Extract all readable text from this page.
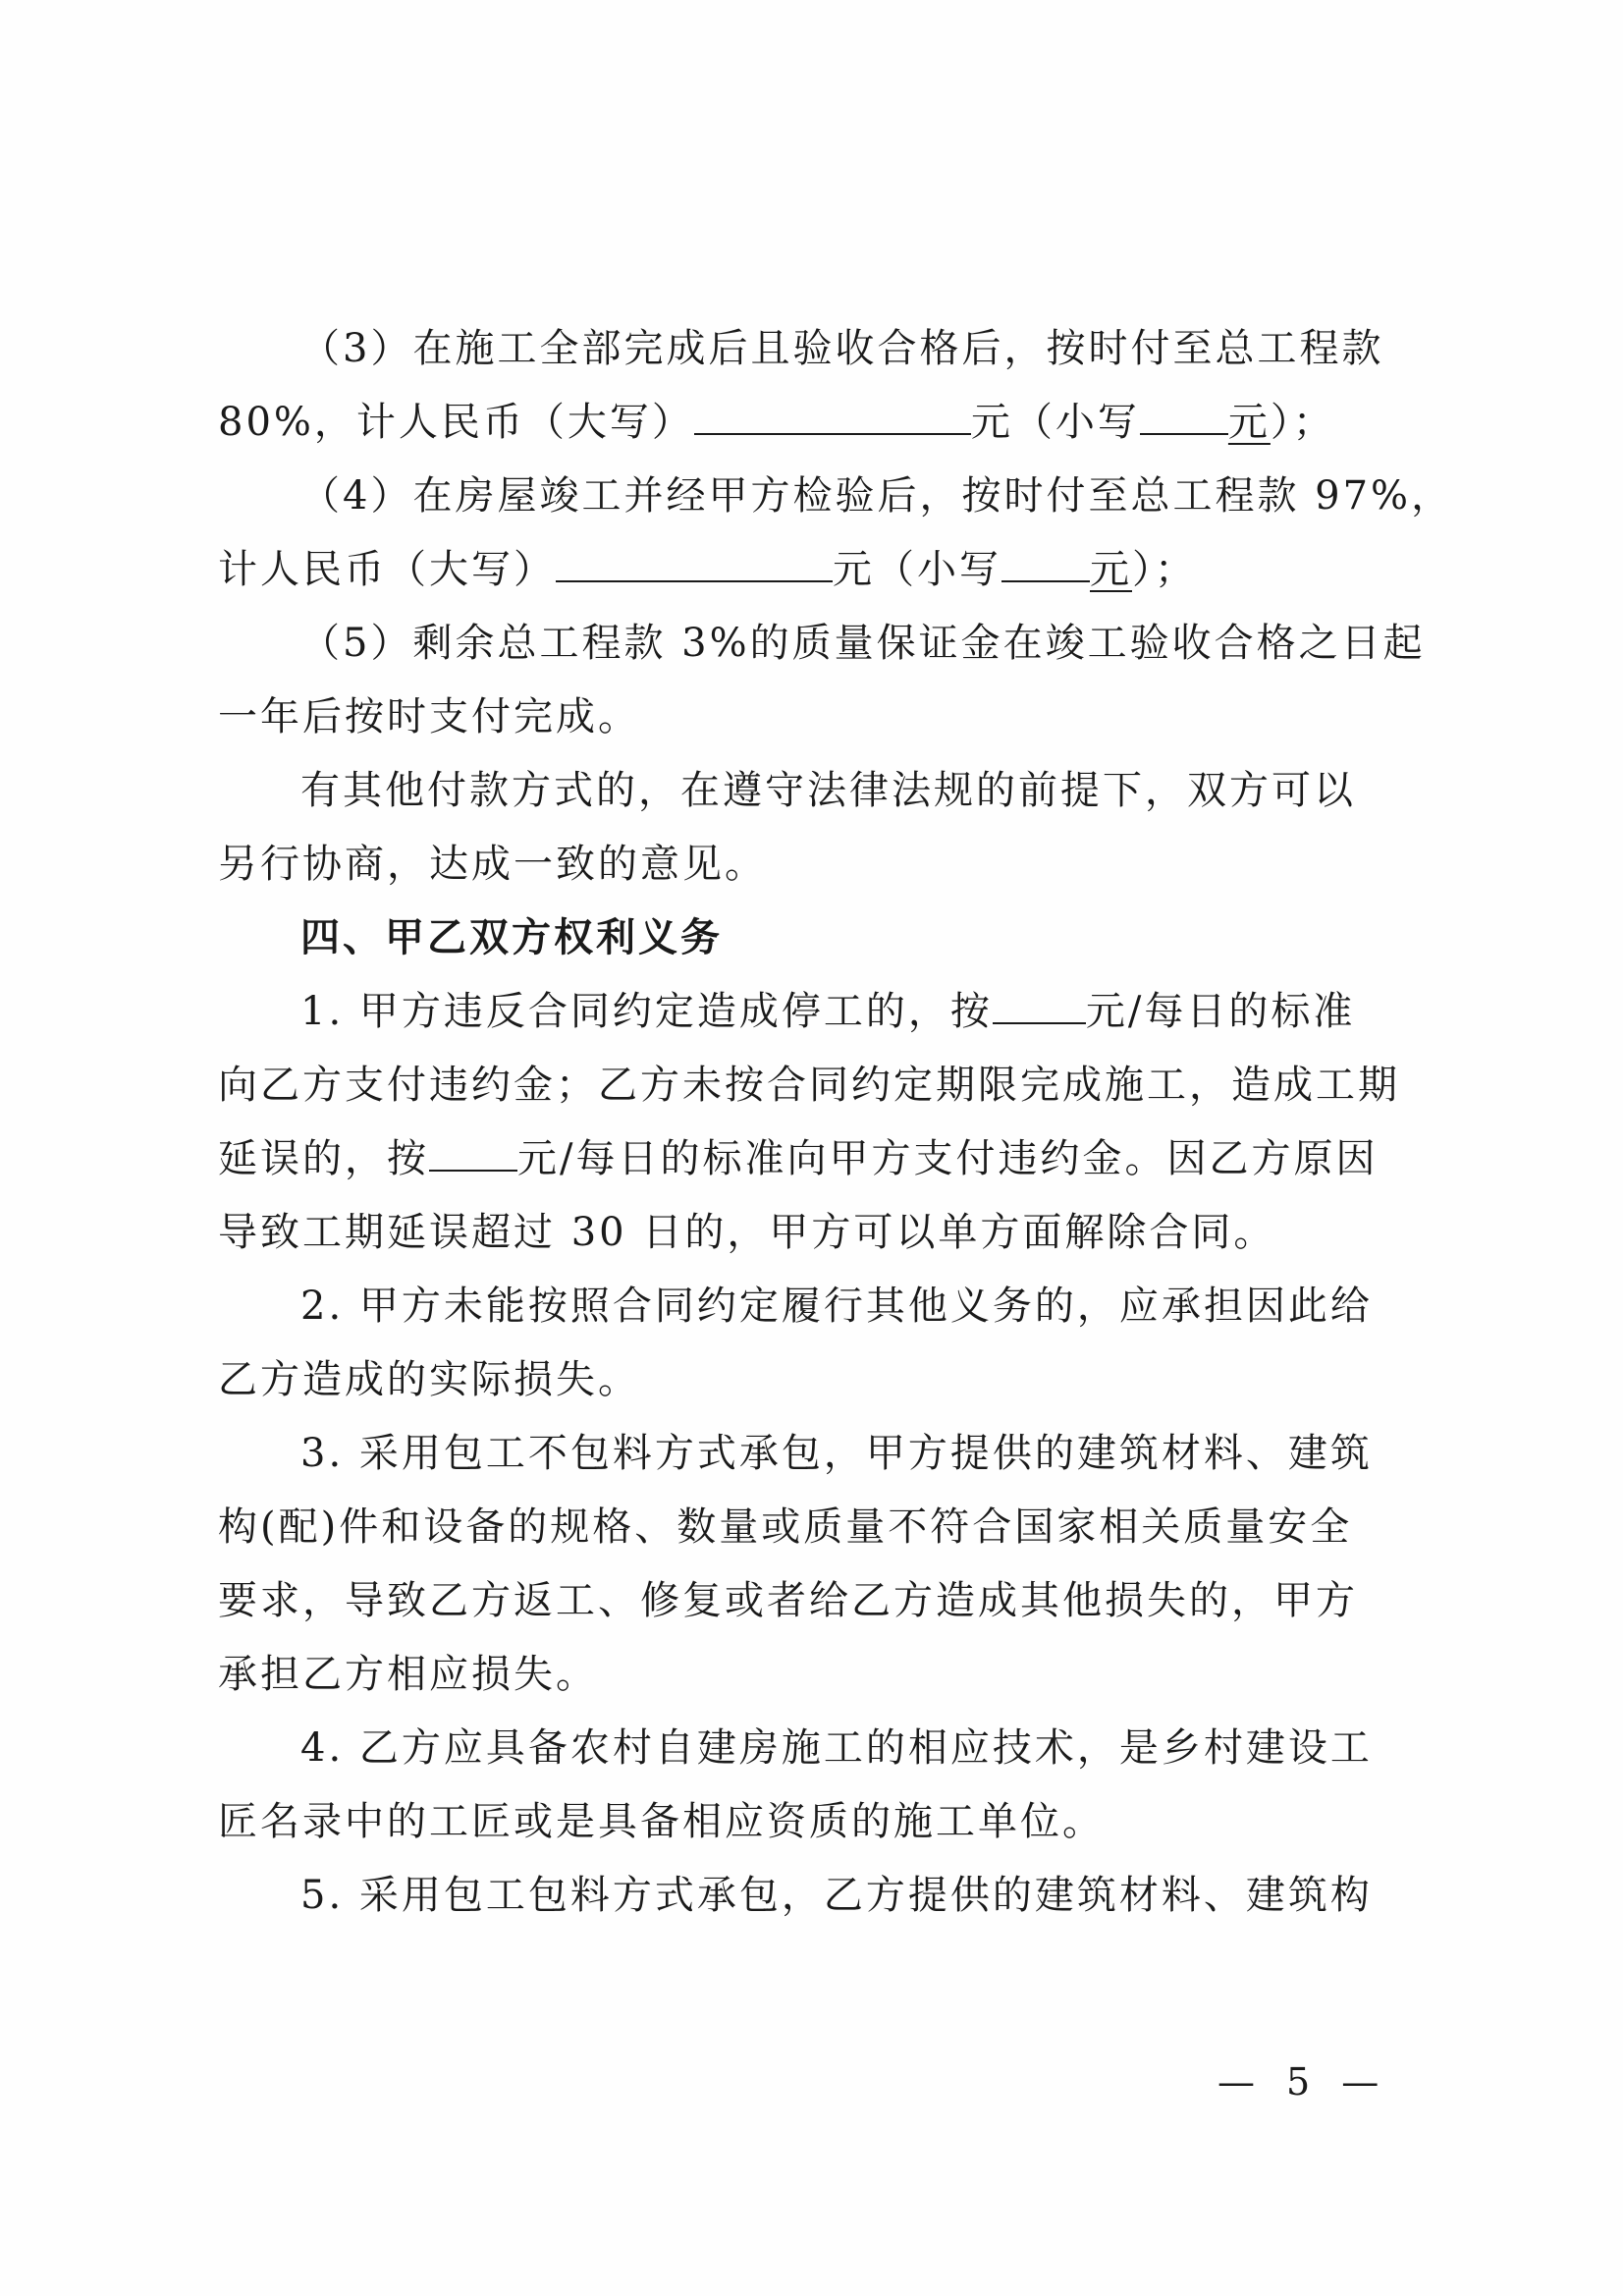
（3）在施工全部完成后且验收合格后，按时付至总工程款

80%，计人民币（大写）	元（小写 元）；

（4）在房屋竣工并经甲方检验后，按时付至总工程款 97%，

计人民币（大写）	元（小写 元）；

（5）剩余总工程款 3%的质量保证金在竣工验收合格之日起

一年后按时支付完成。

有其他付款方式的，在遵守法律法规的前提下，双方可以

另行协商，达成一致的意见。

四、甲乙双方权利义务

1. 甲方违反合同约定造成停工的，按 元/每日的标准

向乙方支付违约金；乙方未按合同约定期限完成施工，造成工期

延误的，按 元/每日的标准向甲方支付违约金。因乙方原因

导致工期延误超过 30 日的，甲方可以单方面解除合同。

2. 甲方未能按照合同约定履行其他义务的，应承担因此给

乙方造成的实际损失。

3. 采用包工不包料方式承包，甲方提供的建筑材料、建筑

构(配)件和设备的规格、数量或质量不符合国家相关质量安全

要求，导致乙方返工、修复或者给乙方造成其他损失的，甲方

承担乙方相应损失。

4. 乙方应具备农村自建房施工的相应技术，是乡村建设工

匠名录中的工匠或是具备相应资质的施工单位。

5. 采用包工包料方式承包，乙方提供的建筑材料、建筑构

— 5 —
